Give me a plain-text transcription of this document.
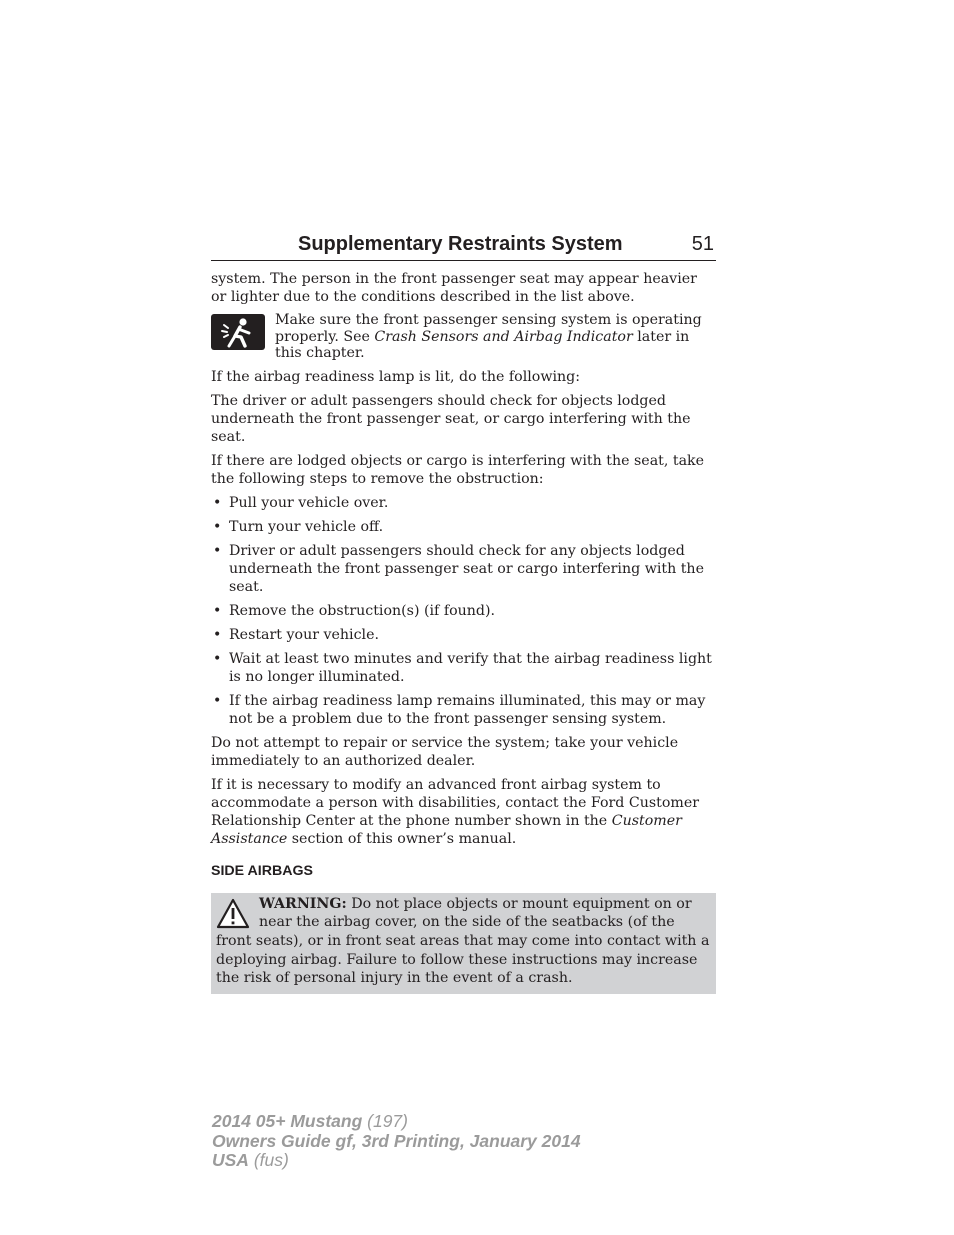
Supplementary Restraints System	51

system. The person in the front passenger seat may appear heavier or lighter due to the conditions described in the list above.

Make sure the front passenger sensing system is operating properly. See Crash Sensors and Airbag Indicator later in this chapter.

If the airbag readiness lamp is lit, do the following:

The driver or adult passengers should check for objects lodged underneath the front passenger seat, or cargo interfering with the seat.

If there are lodged objects or cargo is interfering with the seat, take the following steps to remove the obstruction:

• Pull your vehicle over.
• Turn your vehicle off.
• Driver or adult passengers should check for any objects lodged underneath the front passenger seat or cargo interfering with the seat.
• Remove the obstruction(s) (if found).
• Restart your vehicle.
• Wait at least two minutes and verify that the airbag readiness light is no longer illuminated.
• If the airbag readiness lamp remains illuminated, this may or may not be a problem due to the front passenger sensing system.

Do not attempt to repair or service the system; take your vehicle immediately to an authorized dealer.

If it is necessary to modify an advanced front airbag system to accommodate a person with disabilities, contact the Ford Customer Relationship Center at the phone number shown in the Customer Assistance section of this owner’s manual.

SIDE AIRBAGS
WARNING: Do not place objects or mount equipment on or near the airbag cover, on the side of the seatbacks (of the front seats), or in front seat areas that may come into contact with a deploying airbag. Failure to follow these instructions may increase the risk of personal injury in the event of a crash.
2014 05+ Mustang (197)
Owners Guide gf, 3rd Printing, January 2014
USA (fus)
